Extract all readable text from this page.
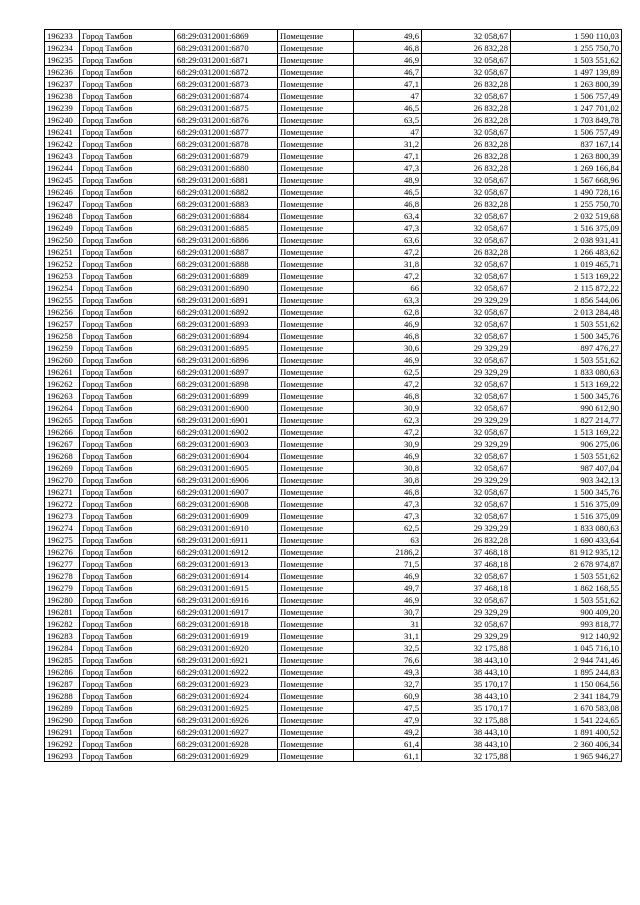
196233	Город Тамбов	68:29:0312001:6869	Помещение	49,6	32 058,67	1 590 110,03
196234	Город Тамбов	68:29:0312001:6870	Помещение	46,8	26 832,28	1 255 750,70
196235	Город Тамбов	68:29:0312001:6871	Помещение	46,9	32 058,67	1 503 551,62
196236	Город Тамбов	68:29:0312001:6872	Помещение	46,7	32 058,67	1 497 139,89
196237	Город Тамбов	68:29:0312001:6873	Помещение	47,1	26 832,28	1 263 800,39
196238	Город Тамбов	68:29:0312001:6874	Помещение	47	32 058,67	1 506 757,49
196239	Город Тамбов	68:29:0312001:6875	Помещение	46,5	26 832,28	1 247 701,02
196240	Город Тамбов	68:29:0312001:6876	Помещение	63,5	26 832,28	1 703 849,78
196241	Город Тамбов	68:29:0312001:6877	Помещение	47	32 058,67	1 506 757,49
196242	Город Тамбов	68:29:0312001:6878	Помещение	31,2	26 832,28	837 167,14
196243	Город Тамбов	68:29:0312001:6879	Помещение	47,1	26 832,28	1 263 800,39
196244	Город Тамбов	68:29:0312001:6880	Помещение	47,3	26 832,28	1 269 166,84
196245	Город Тамбов	68:29:0312001:6881	Помещение	48,9	32 058,67	1 567 668,96
196246	Город Тамбов	68:29:0312001:6882	Помещение	46,5	32 058,67	1 490 728,16
196247	Город Тамбов	68:29:0312001:6883	Помещение	46,8	26 832,28	1 255 750,70
196248	Город Тамбов	68:29:0312001:6884	Помещение	63,4	32 058,67	2 032 519,68
196249	Город Тамбов	68:29:0312001:6885	Помещение	47,3	32 058,67	1 516 375,09
196250	Город Тамбов	68:29:0312001:6886	Помещение	63,6	32 058,67	2 038 931,41
196251	Город Тамбов	68:29:0312001:6887	Помещение	47,2	26 832,28	1 266 483,62
196252	Город Тамбов	68:29:0312001:6888	Помещение	31,8	32 058,67	1 019 465,71
196253	Город Тамбов	68:29:0312001:6889	Помещение	47,2	32 058,67	1 513 169,22
196254	Город Тамбов	68:29:0312001:6890	Помещение	66	32 058,67	2 115 872,22
196255	Город Тамбов	68:29:0312001:6891	Помещение	63,3	29 329,29	1 856 544,06
196256	Город Тамбов	68:29:0312001:6892	Помещение	62,8	32 058,67	2 013 284,48
196257	Город Тамбов	68:29:0312001:6893	Помещение	46,9	32 058,67	1 503 551,62
196258	Город Тамбов	68:29:0312001:6894	Помещение	46,8	32 058,67	1 500 345,76
196259	Город Тамбов	68:29:0312001:6895	Помещение	30,6	29 329,29	897 476,27
196260	Город Тамбов	68:29:0312001:6896	Помещение	46,9	32 058,67	1 503 551,62
196261	Город Тамбов	68:29:0312001:6897	Помещение	62,5	29 329,29	1 833 080,63
196262	Город Тамбов	68:29:0312001:6898	Помещение	47,2	32 058,67	1 513 169,22
196263	Город Тамбов	68:29:0312001:6899	Помещение	46,8	32 058,67	1 500 345,76
196264	Город Тамбов	68:29:0312001:6900	Помещение	30,9	32 058,67	990 612,90
196265	Город Тамбов	68:29:0312001:6901	Помещение	62,3	29 329,29	1 827 214,77
196266	Город Тамбов	68:29:0312001:6902	Помещение	47,2	32 058,67	1 513 169,22
196267	Город Тамбов	68:29:0312001:6903	Помещение	30,9	29 329,29	906 275,06
196268	Город Тамбов	68:29:0312001:6904	Помещение	46,9	32 058,67	1 503 551,62
196269	Город Тамбов	68:29:0312001:6905	Помещение	30,8	32 058,67	987 407,04
196270	Город Тамбов	68:29:0312001:6906	Помещение	30,8	29 329,29	903 342,13
196271	Город Тамбов	68:29:0312001:6907	Помещение	46,8	32 058,67	1 500 345,76
196272	Город Тамбов	68:29:0312001:6908	Помещение	47,3	32 058,67	1 516 375,09
196273	Город Тамбов	68:29:0312001:6909	Помещение	47,3	32 058,67	1 516 375,09
196274	Город Тамбов	68:29:0312001:6910	Помещение	62,5	29 329,29	1 833 080,63
196275	Город Тамбов	68:29:0312001:6911	Помещение	63	26 832,28	1 690 433,64
196276	Город Тамбов	68:29:0312001:6912	Помещение	2186,2	37 468,18	81 912 935,12
196277	Город Тамбов	68:29:0312001:6913	Помещение	71,5	37 468,18	2 678 974,87
196278	Город Тамбов	68:29:0312001:6914	Помещение	46,9	32 058,67	1 503 551,62
196279	Город Тамбов	68:29:0312001:6915	Помещение	49,7	37 468,18	1 862 168,55
196280	Город Тамбов	68:29:0312001:6916	Помещение	46,9	32 058,67	1 503 551,62
196281	Город Тамбов	68:29:0312001:6917	Помещение	30,7	29 329,29	900 409,20
196282	Город Тамбов	68:29:0312001:6918	Помещение	31	32 058,67	993 818,77
196283	Город Тамбов	68:29:0312001:6919	Помещение	31,1	29 329,29	912 140,92
196284	Город Тамбов	68:29:0312001:6920	Помещение	32,5	32 175,88	1 045 716,10
196285	Город Тамбов	68:29:0312001:6921	Помещение	76,6	38 443,10	2 944 741,46
196286	Город Тамбов	68:29:0312001:6922	Помещение	49,3	38 443,10	1 895 244,83
196287	Город Тамбов	68:29:0312001:6923	Помещение	32,7	35 170,17	1 150 064,56
196288	Город Тамбов	68:29:0312001:6924	Помещение	60,9	38 443,10	2 341 184,79
196289	Город Тамбов	68:29:0312001:6925	Помещение	47,5	35 170,17	1 670 583,08
196290	Город Тамбов	68:29:0312001:6926	Помещение	47,9	32 175,88	1 541 224,65
196291	Город Тамбов	68:29:0312001:6927	Помещение	49,2	38 443,10	1 891 400,52
196292	Город Тамбов	68:29:0312001:6928	Помещение	61,4	38 443,10	2 360 406,34
196293	Город Тамбов	68:29:0312001:6929	Помещение	61,1	32 175,88	1 965 946,27
